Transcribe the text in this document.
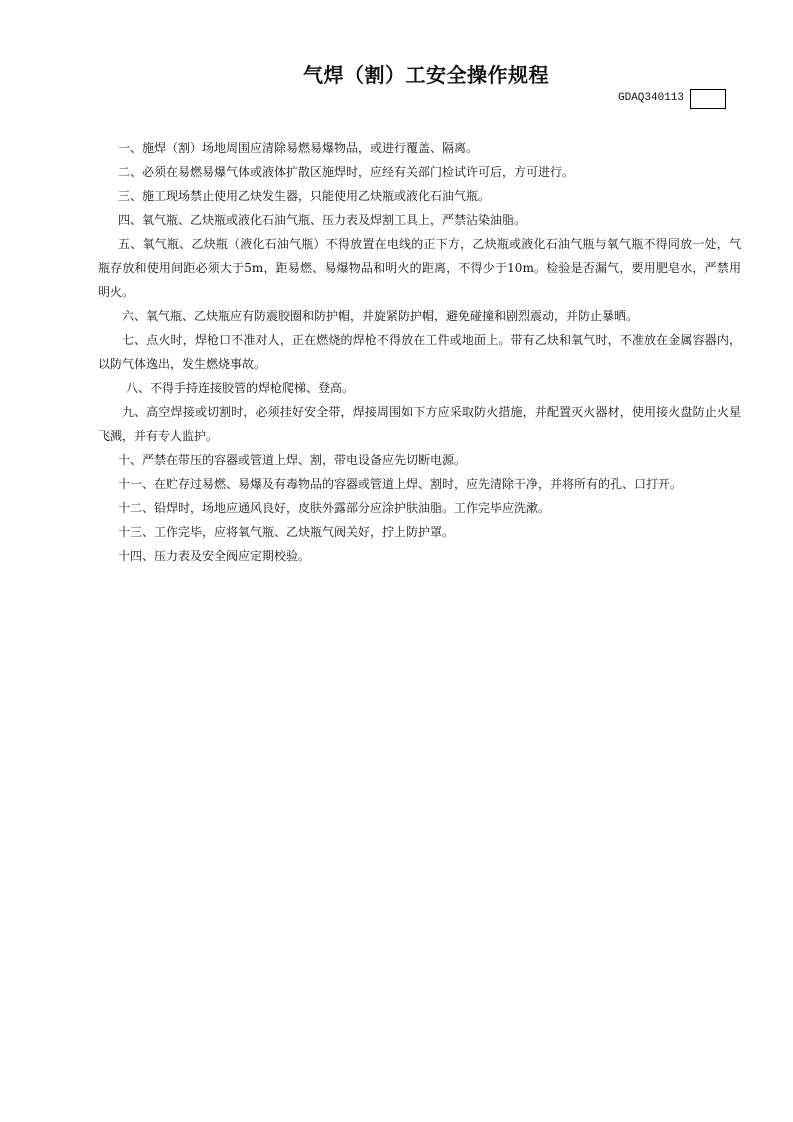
气焊（割）工安全操作规程
GDAQ340113

一、施焊（割）场地周围应清除易燃易爆物品，或进行覆盖、隔离。

二、必须在易燃易爆气体或液体扩散区施焊时，应经有关部门检试许可后，方可进行。

三、施工现场禁止使用乙炔发生器，只能使用乙炔瓶或液化石油气瓶。

四、氧气瓶、乙炔瓶或液化石油气瓶、压力表及焊割工具上，严禁沾染油脂。

五、氧气瓶、乙炔瓶（液化石油气瓶）不得放置在电线的正下方，乙炔瓶或液化石油气瓶与氧气瓶不得同放一处，气瓶存放和使用间距必须大于5m，距易燃、易爆物品和明火的距离，不得少于10m。检验是否漏气，要用肥皂水，严禁用明火。

六、氧气瓶、乙炔瓶应有防震胶圈和防护帽，并旋紧防护帽，避免碰撞和剧烈震动，并防止暴晒。

七、点火时，焊枪口不准对人，正在燃烧的焊枪不得放在工件或地面上。带有乙炔和氧气时，不准放在金属容器内，以防气体逸出，发生燃烧事故。

八、不得手持连接胶管的焊枪爬梯、登高。

九、高空焊接或切割时，必须挂好安全带，焊接周围如下方应采取防火措施，并配置灭火器材，使用接火盘防止火星飞溅，并有专人监护。

十、严禁在带压的容器或管道上焊、割，带电设备应先切断电源。

十一、在贮存过易燃、易爆及有毒物品的容器或管道上焊、割时，应先清除干净，并将所有的孔、口打开。

十二、铅焊时，场地应通风良好，皮肤外露部分应涂护肤油脂。工作完毕应洗漱。

十三、工作完毕，应将氧气瓶、乙炔瓶气阀关好，拧上防护罩。

十四、压力表及安全阀应定期校验。
